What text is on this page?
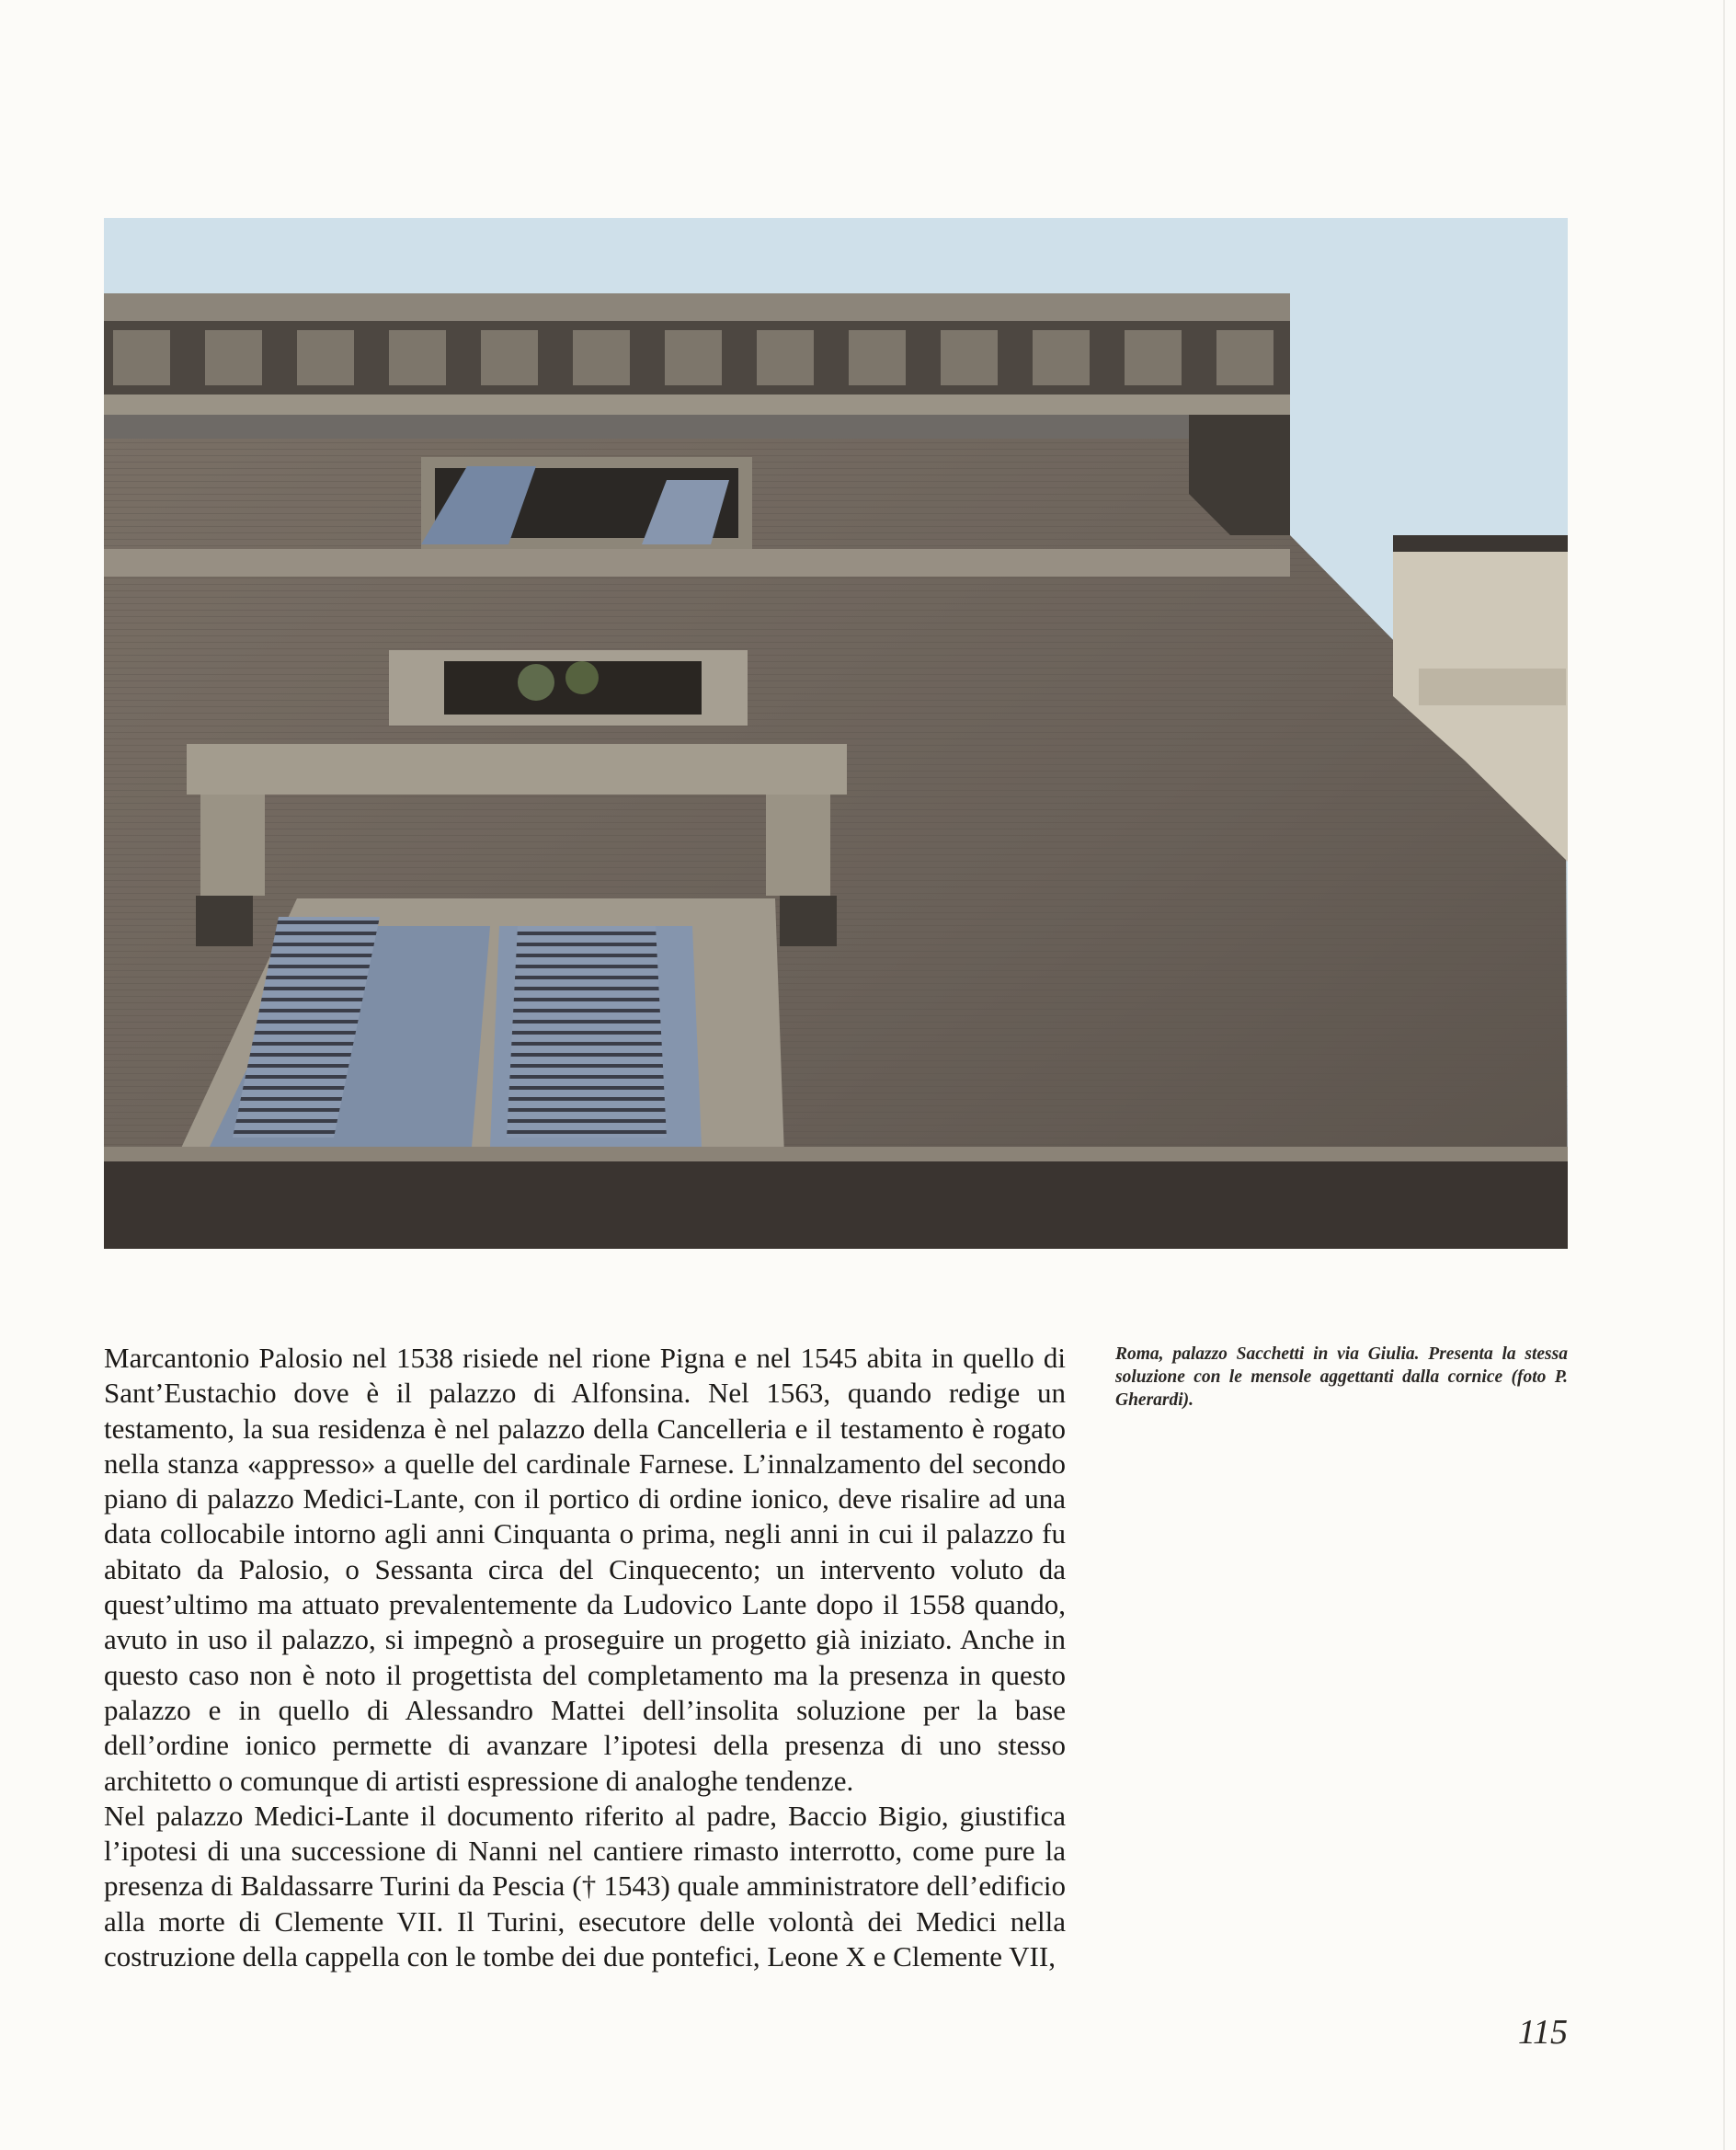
Marcantonio Palosio nel 1538 risiede nel rione Pigna e nel 1545 abita in quello di Sant’Eustachio dove è il palazzo di Alfonsina. Nel 1563, quando redige un testamento, la sua residenza è nel palazzo della Cancelleria e il testamento è rogato nella stanza «appresso» a quelle del cardinale Farnese. L’innalzamento del secondo piano di palazzo Medici-Lante, con il portico di ordine ionico, deve risalire ad una data collocabile intorno agli anni Cinquanta o prima, negli anni in cui il palazzo fu abitato da Palosio, o Sessanta circa del Cinquecento; un intervento voluto da quest’ultimo ma attuato prevalentemente da Ludovico Lante dopo il 1558 quando, avuto in uso il palazzo, si impegnò a proseguire un progetto già iniziato. Anche in questo caso non è noto il progettista del completamento ma la presenza in questo palazzo e in quello di Alessandro Mattei dell’insolita soluzione per la base dell’ordine ionico permette di avanzare l’ipotesi della presenza di uno stesso architetto o comunque di artisti espressione di analoghe tendenze.

Nel palazzo Medici-Lante il documento riferito al padre, Baccio Bigio, giustifica l’ipotesi di una successione di Nanni nel cantiere rimasto interrotto, come pure la presenza di Baldassarre Turini da Pescia († 1543) quale amministratore dell’edificio alla morte di Clemente VII. Il Turini, esecutore delle volontà dei Medici nella costruzione della cappella con le tombe dei due pontefici, Leone X e Clemente VII,

Roma, palazzo Sacchetti in via Giulia. Presenta la stessa soluzione con le mensole aggettanti dalla cornice (foto P. Gherardi).

115
